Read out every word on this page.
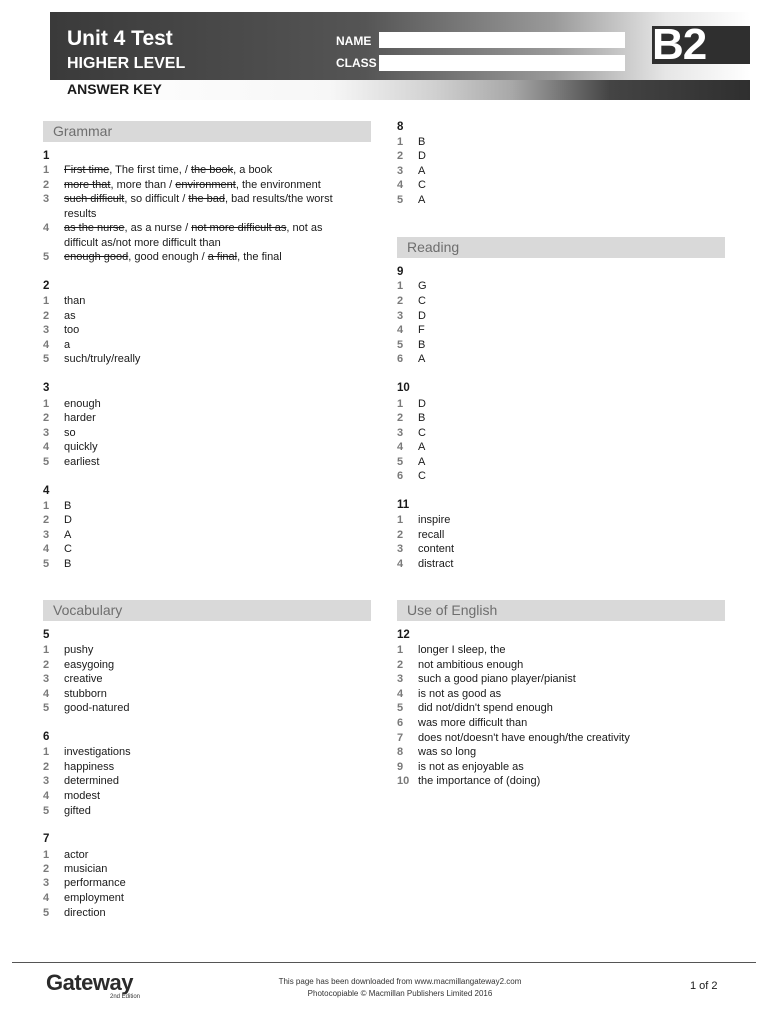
Unit 4 Test
HIGHER LEVEL
NAME
CLASS	B2
ANSWER KEY
Grammar
1
1	First time, The first time, / the book, a book
2	more that, more than / environment, the environment
3	such difficult, so difficult / the bad, bad results/the worst results
4	as the nurse, as a nurse / not more difficult as, not as difficult as/not more difficult than
5	enough good, good enough / a final, the final
2
1	than
2	as
3	too
4	a
5	such/truly/really
3
1	enough
2	harder
3	so
4	quickly
5	earliest
4
1	B
2	D
3	A
4	C
5	B
Vocabulary
5
1	pushy
2	easygoing
3	creative
4	stubborn
5	good-natured
6
1	investigations
2	happiness
3	determined
4	modest
5	gifted
7
1	actor
2	musician
3	performance
4	employment
5	direction
8
1	B
2	D
3	A
4	C
5	A
Reading
9
1	G
2	C
3	D
4	F
5	B
6	A
10
1	D
2	B
3	C
4	A
5	A
6	C
11
1	inspire
2	recall
3	content
4	distract
Use of English
12
1	longer I sleep, the
2	not ambitious enough
3	such a good piano player/pianist
4	is not as good as
5	did not/didn't spend enough
6	was more difficult than
7	does not/doesn't have enough/the creativity
8	was so long
9	is not as enjoyable as
10 the importance of (doing)
Gateway
2nd Edition
This page has been downloaded from www.macmillangateway2.com
Photocopiable © Macmillan Publishers Limited 2016
1 of 2
